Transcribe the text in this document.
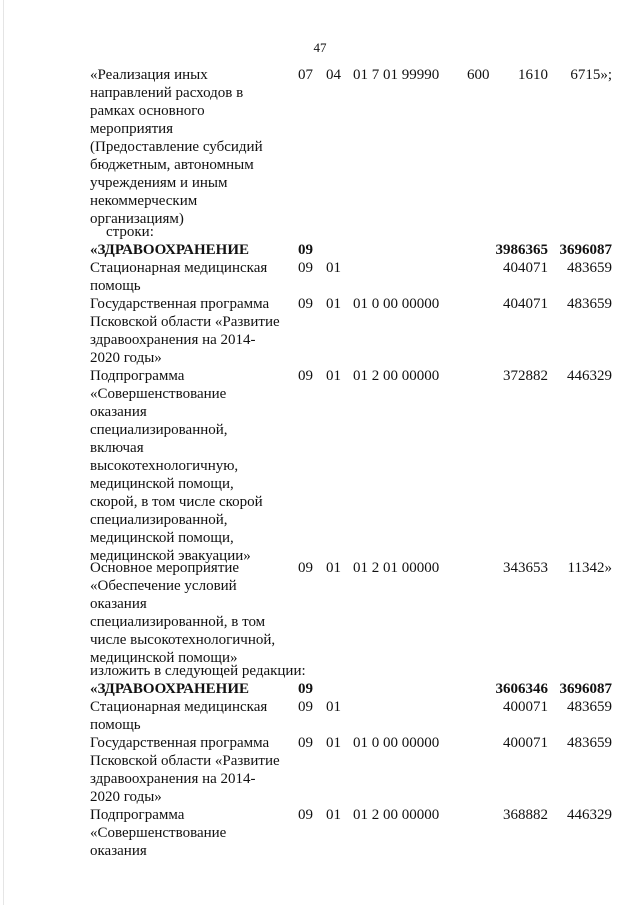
47
«Реализация иных
направлений расходов в
рамках основного
мероприятия
(Предоставление субсидий
бюджетным, автономным
учреждениям и иным
некоммерческим
организациям)
07 04 01 7 01 99990 600 1610 6715»;
строки:
«ЗДРАВООХРАНЕНИЕ	09	3986365 3696087
Стационарная медицинская
помощь
09 01	404071 483659
Государственная программа
Псковской области «Развитие
здравоохранения на 2014-
2020 годы»
09 01 01 0 00 00000	404071 483659
Подпрограмма
«Совершенствование
оказания
специализированной,
включая
высокотехнологичную,
медицинской помощи,
скорой, в том числе скорой
специализированной,
медицинской помощи,
медицинской эвакуации»
09 01 01 2 00 00000	372882 446329
Основное мероприятие
«Обеспечение условий
оказания
специализированной, в том
числе высокотехнологичной,
медицинской помощи»
09 01 01 2 01 00000	343653 11342»
изложить в следующей редакции:
«ЗДРАВООХРАНЕНИЕ	09	3606346 3696087
Стационарная медицинская
помощь
09 01	400071 483659
Государственная программа
Псковской области «Развитие
здравоохранения на 2014-
2020 годы»
09 01 01 0 00 00000	400071 483659
Подпрограмма
«Совершенствование
оказания
09 01 01 2 00 00000	368882 446329
